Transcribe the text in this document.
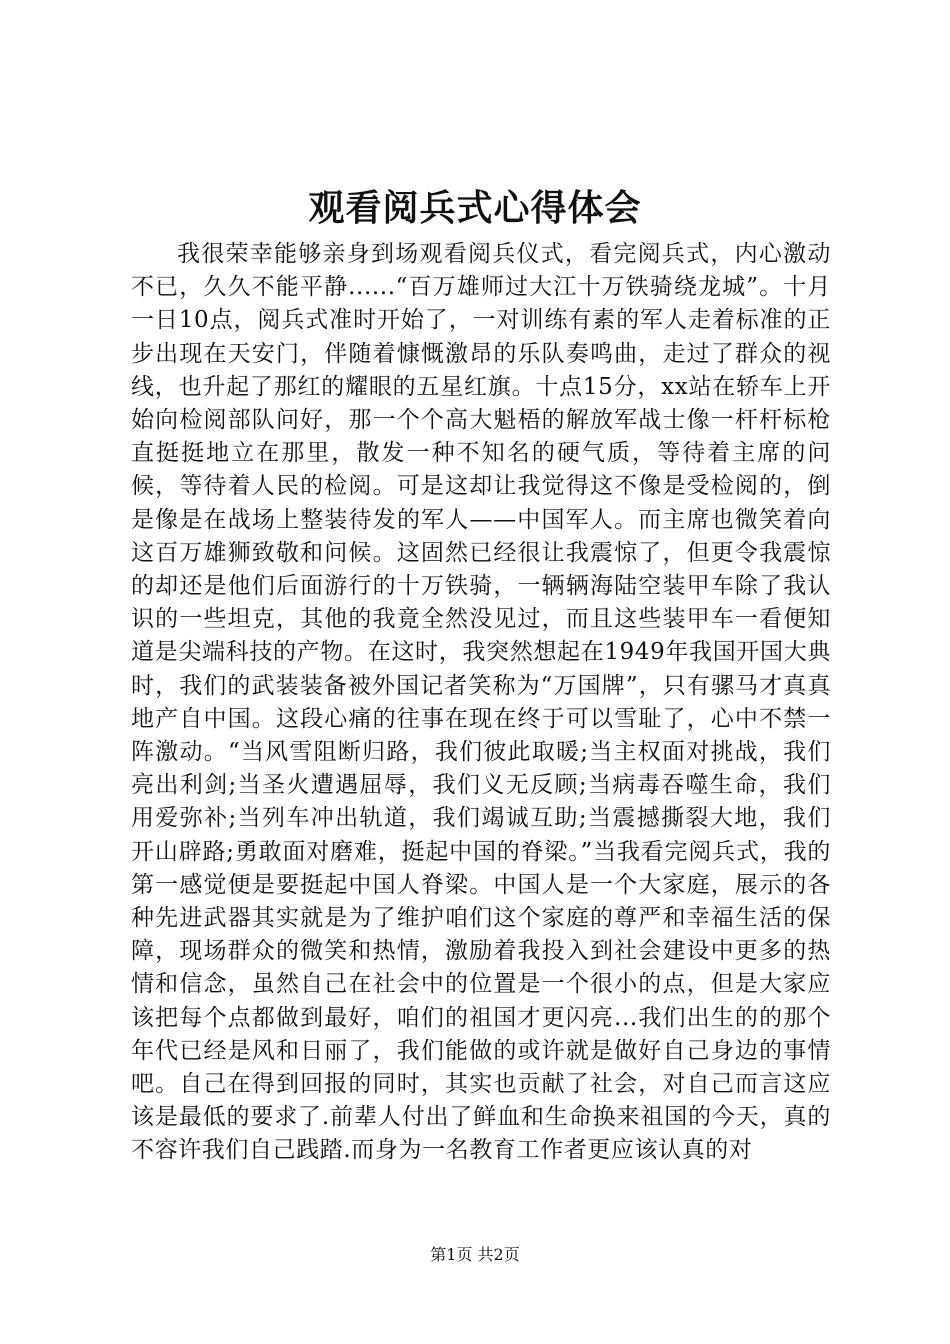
观看阅兵式心得体会

我很荣幸能够亲身到场观看阅兵仪式，看完阅兵式，内心激动不已，久久不能平静......“百万雄师过大江十万铁骑绕龙城”。十月一日10点，阅兵式准时开始了，一对训练有素的军人走着标准的正步出现在天安门，伴随着慷慨激昂的乐队奏鸣曲，走过了群众的视线，也升起了那红的耀眼的五星红旗。十点15分，xx站在轿车上开始向检阅部队问好，那一个个高大魁梧的解放军战士像一杆杆标枪直挺挺地立在那里，散发一种不知名的硬气质，等待着主席的问候，等待着人民的检阅。可是这却让我觉得这不像是受检阅的，倒是像是在战场上整装待发的军人——中国军人。而主席也微笑着向这百万雄狮致敬和问候。这固然已经很让我震惊了，但更令我震惊的却还是他们后面游行的十万铁骑，一辆辆海陆空装甲车除了我认识的一些坦克，其他的我竟全然没见过，而且这些装甲车一看便知道是尖端科技的产物。在这时，我突然想起在1949年我国开国大典时，我们的武装装备被外国记者笑称为“万国牌”，只有骡马才真真地产自中国。这段心痛的往事在现在终于可以雪耻了，心中不禁一阵激动。“当风雪阻断归路，我们彼此取暖;当主权面对挑战，我们亮出利剑;当圣火遭遇屈辱，我们义无反顾;当病毒吞噬生命，我们用爱弥补;当列车冲出轨道，我们竭诚互助;当震撼撕裂大地，我们开山辟路;勇敢面对磨难，挺起中国的脊梁。”当我看完阅兵式，我的第一感觉便是要挺起中国人脊梁。中国人是一个大家庭，展示的各种先进武器其实就是为了维护咱们这个家庭的尊严和幸福生活的保障，现场群众的微笑和热情，激励着我投入到社会建设中更多的热情和信念，虽然自己在社会中的位置是一个很小的点，但是大家应该把每个点都做到最好，咱们的祖国才更闪亮...我们出生的的那个年代已经是风和日丽了，我们能做的或许就是做好自己身边的事情吧。自己在得到回报的同时，其实也贡献了社会，对自己而言这应该是最低的要求了.前辈人付出了鲜血和生命换来祖国的今天，真的不容许我们自己践踏.而身为一名教育工作者更应该认真的对

第1页 共2页
